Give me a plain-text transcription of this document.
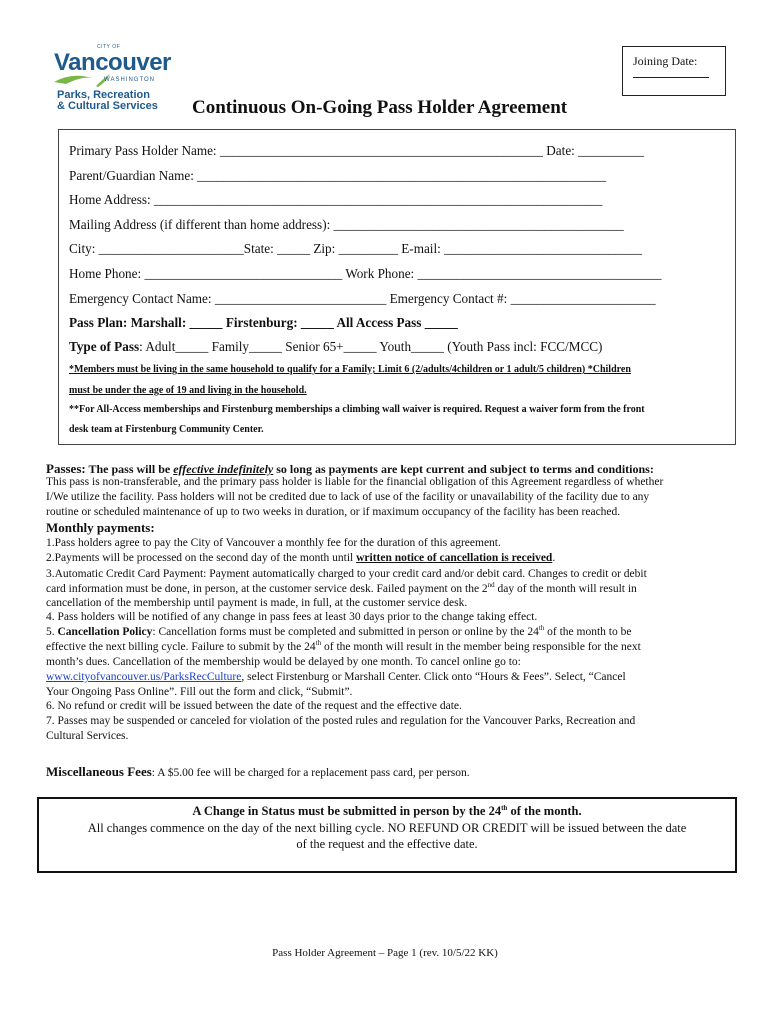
CITY OF
Vancouver
WASHINGTON
Parks, Recreation
& Cultural Services
Joining Date:
Continuous On-Going Pass Holder Agreement
Primary Pass Holder Name: _________________________________________________ Date: __________
Parent/Guardian Name: ______________________________________________________________
Home Address: ____________________________________________________________________
Mailing Address (if different than home address): ____________________________________________
City: ______________________State: _____ Zip: _________ E-mail: ______________________________
Home Phone: ______________________________ Work Phone: _____________________________________
Emergency Contact Name: __________________________ Emergency Contact #: ______________________
Pass Plan: Marshall: _____ Firstenburg: _____ All Access Pass _____
Type of Pass: Adult_____ Family_____ Senior 65+_____ Youth_____ (Youth Pass incl: FCC/MCC)
*Members must be living in the same household to qualify for a Family; Limit 6 (2/adults/4children or 1 adult/5 children) *Children
must be under the age of 19 and living in the household.
**For All-Access memberships and Firstenburg memberships a climbing wall waiver is required. Request a waiver form from the front
desk team at Firstenburg Community Center.
Passes: The pass will be effective indefinitely so long as payments are kept current and subject to terms and conditions:
This pass is non-transferable, and the primary pass holder is liable for the financial obligation of this Agreement regardless of whether
I/We utilize the facility. Pass holders will not be credited due to lack of use of the facility or unavailability of the facility due to any
routine or scheduled maintenance of up to two weeks in duration, or if maximum occupancy of the facility has been reached.
Monthly payments:
1.Pass holders agree to pay the City of Vancouver a monthly fee for the duration of this agreement.
2.Payments will be processed on the second day of the month until written notice of cancellation is received.
3.Automatic Credit Card Payment: Payment automatically charged to your credit card and/or debit card. Changes to credit or debit
card information must be done, in person, at the customer service desk. Failed payment on the 2nd day of the month will result in
cancellation of the membership until payment is made, in full, at the customer service desk.
4. Pass holders will be notified of any change in pass fees at least 30 days prior to the change taking effect.
5. Cancellation Policy: Cancellation forms must be completed and submitted in person or online by the 24th of the month to be
effective the next billing cycle. Failure to submit by the 24th of the month will result in the member being responsible for the next
month’s dues. Cancellation of the membership would be delayed by one month. To cancel online go to:
www.cityofvancouver.us/ParksRecCulture, select Firstenburg or Marshall Center. Click onto “Hours & Fees”. Select, “Cancel
Your Ongoing Pass Online”. Fill out the form and click, “Submit”.
6. No refund or credit will be issued between the date of the request and the effective date.
7. Passes may be suspended or canceled for violation of the posted rules and regulation for the Vancouver Parks, Recreation and
Cultural Services.
Miscellaneous Fees: A $5.00 fee will be charged for a replacement pass card, per person.
A Change in Status must be submitted in person by the 24th of the month.
All changes commence on the day of the next billing cycle. NO REFUND OR CREDIT will be issued between the date
of the request and the effective date.
Pass Holder Agreement – Page 1 (rev. 10/5/22 KK)
